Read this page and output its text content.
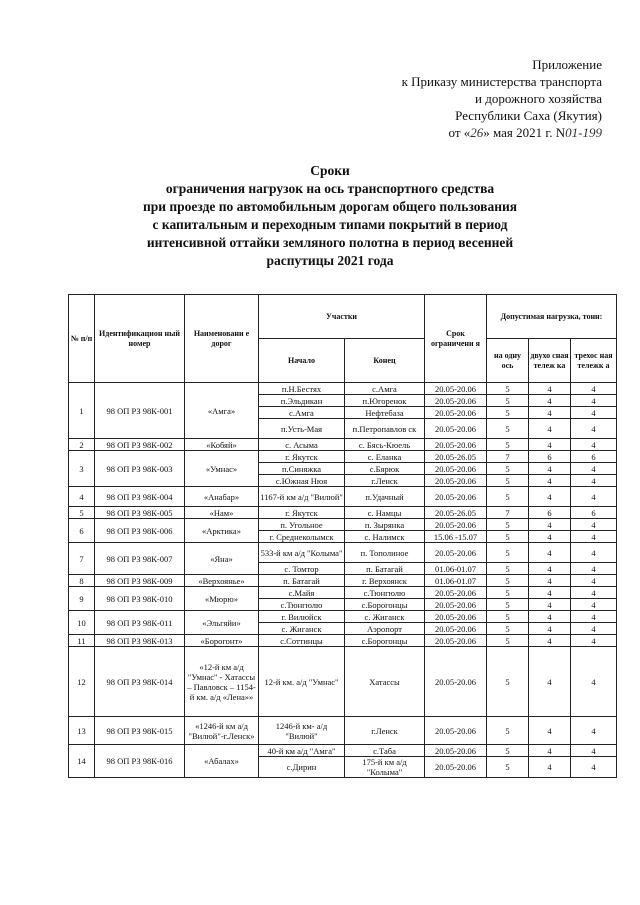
Приложение
к Приказу министерства транспорта
и дорожного хозяйства
Республики Саха (Якутия)
от «26» мая 2021 г. N01-199
Сроки
ограничения нагрузок на ось транспортного средства
при проезде по автомобильным дорогам общего пользования
с капитальным и переходным типами покрытий в период
интенсивной оттайки земляного полотна в период весенней
распутицы 2021 года
№ п/п	Идентификацион ный номер	Наименовани е дорог	Участки		Срок ограничени я	Допустимая нагрузка, тонн:		
			Начало	Конец		на одну ось	двухо сная тележ ка	трехос ная тележк а
1	98 ОП РЗ 98К-001	«Амга»	п.Н.Бестях	с.Амга	20.05-20.06	5	4	4
			п.Эльдикан	п.Югоренок	20.05-20.06	5	4	4
			с.Амга	Нефтебаза	20.05-20.06	5	4	4
			п.Усть-Мая	п.Петропавлов ск	20.05-20.06	5	4	4
2	98 ОП РЗ 98К-002	«Кобяй»	с. Асыма	с. Бясь-Кюель	20.05-20.06	5	4	4
3	98 ОП РЗ 98К-003	«Умнас»	г. Якутск	с. Еланка	20.05-26.05	7	6	6
			п.Синяжка	с.Бярюк	20.05-20.06	5	4	4
			с.Южная Нюя	г.Ленск	20.05-20.06	5	4	4
4	98 ОП РЗ 98К-004	«Анабар»	1167-й км а/д "Вилюй"	п.Удачный	20.05-20.06	5	4	4
5	98 ОП РЗ 98К-005	«Нам»	г. Якутск	с. Намцы	20.05-26.05	7	6	6
6	98 ОП РЗ 98К-006	«Арктика»	п. Угольное	п. Зырянка	20.05-20.06	5	4	4
			г. Среднеколымск	с. Налимск	15.06 -15.07	5	4	4
7	98 ОП РЗ 98К-007	«Яна»	533-й км а/д "Колыма"	п. Тополиное	20.05-20.06	5	4	4
			с. Томтор	п. Батагай	01.06-01.07	5	4	4
8	98 ОП РЗ 98К-009	«Верхоянье»	п. Батагай	г. Верхоянск	01.06-01.07	5	4	4
9	98 ОП РЗ 98К-010	«Мюрю»	с.Майя	с.Тюнгюлю	20.05-20.06	5	4	4
			с.Тюнгюлю	с.Борогонцы	20.05-20.06	5	4	4
10	98 ОП РЗ 98К-011	«Эльгяйи»	г. Вилюйск	с. Жиганск	20.05-20.06	5	4	4
			с. Жиганск	Аэропорт	20.05-20.06	5	4	4
11	98 ОП РЗ 98К-013	«Борогонт»	с.Соттинцы	с.Борогонцы	20.05-20.06	5	4	4
12	98 ОП РЗ 98К-014	«12-й км а/д "Умнас" - Хатассы – Павловск – 1154-й км. а/д «Лена»»	12-й км. а/д "Умнас"	Хатассы	20.05-20.06	5	4	4
13	98 ОП РЗ 98К-015	«1246-й км а/д "Вилюй"-г.Ленск»	1246-й км- а/д "Вилюй"	г.Ленск	20.05-20.06	5	4	4
14	98 ОП РЗ 98К-016	«Абалах»	40-й км а/д "Амга"	с.Таба	20.05-20.06	5	4	4
			с.Дирин	175-й км а/д "Колыма"	20.05-20.06	5	4	4
